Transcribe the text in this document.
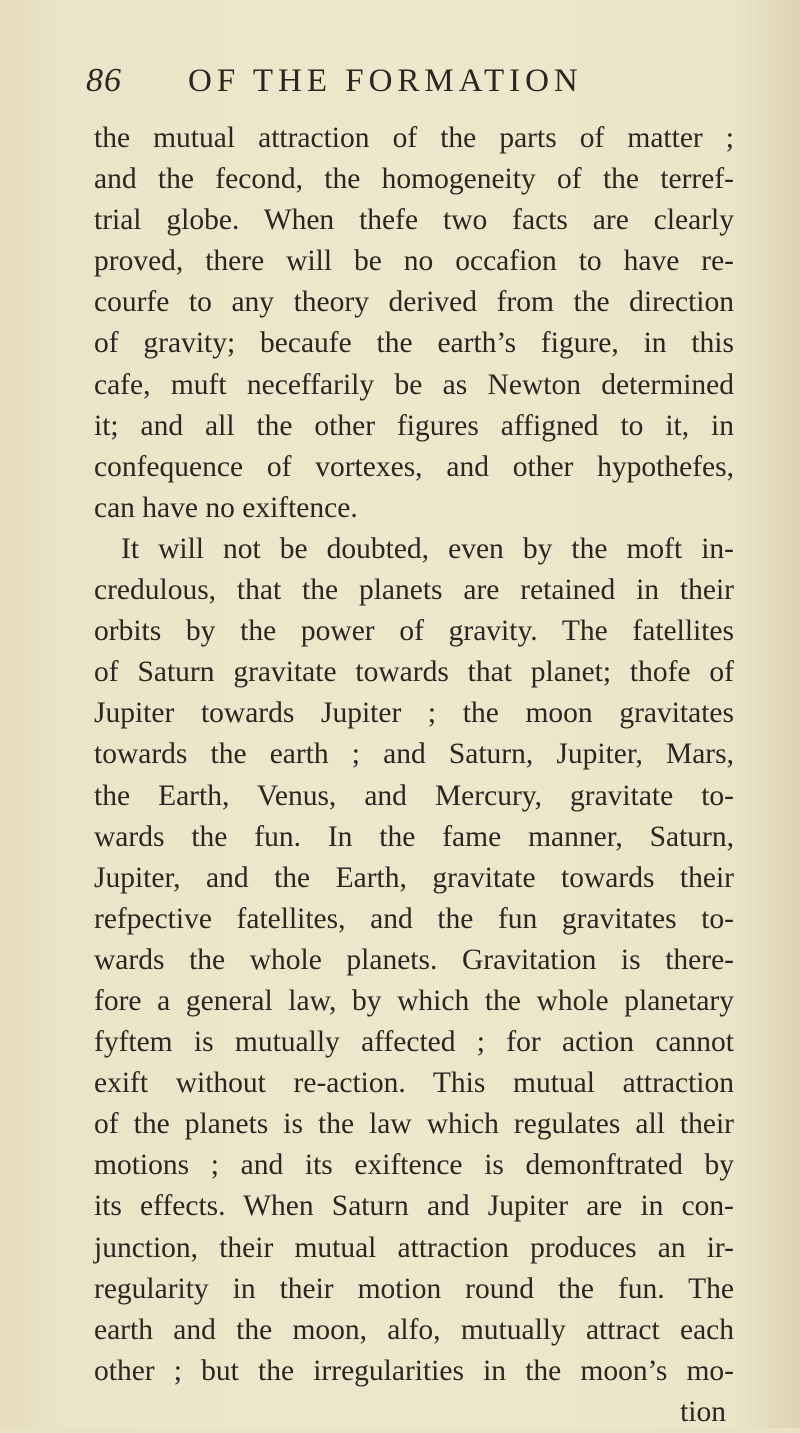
86	OF THE FORMATION
the mutual attraction of the parts of matter ;
and the fecond, the homogeneity of the terref-
trial globe. When thefe two facts are clearly
proved, there will be no occafion to have re-
courfe to any theory derived from the direction
of gravity; becaufe the earth’s figure, in this
cafe, muft neceffarily be as Newton determined
it; and all the other figures affigned to it, in
confequence of vortexes, and other hypothefes,
can have no exiftence.
It will not be doubted, even by the moft in-
credulous, that the planets are retained in their
orbits by the power of gravity. The fatellites
of Saturn gravitate towards that planet; thofe of
Jupiter towards Jupiter ; the moon gravitates
towards the earth ; and Saturn, Jupiter, Mars,
the Earth, Venus, and Mercury, gravitate to-
wards the fun. In the fame manner, Saturn,
Jupiter, and the Earth, gravitate towards their
refpective fatellites, and the fun gravitates to-
wards the whole planets. Gravitation is there-
fore a general law, by which the whole planetary
fyftem is mutually affected ; for action cannot
exift without re-action. This mutual attraction
of the planets is the law which regulates all their
motions ; and its exiftence is demonftrated by
its effects. When Saturn and Jupiter are in con-
junction, their mutual attraction produces an ir-
regularity in their motion round the fun. The
earth and the moon, alfo, mutually attract each
other ; but the irregularities in the moon’s mo-
tion
